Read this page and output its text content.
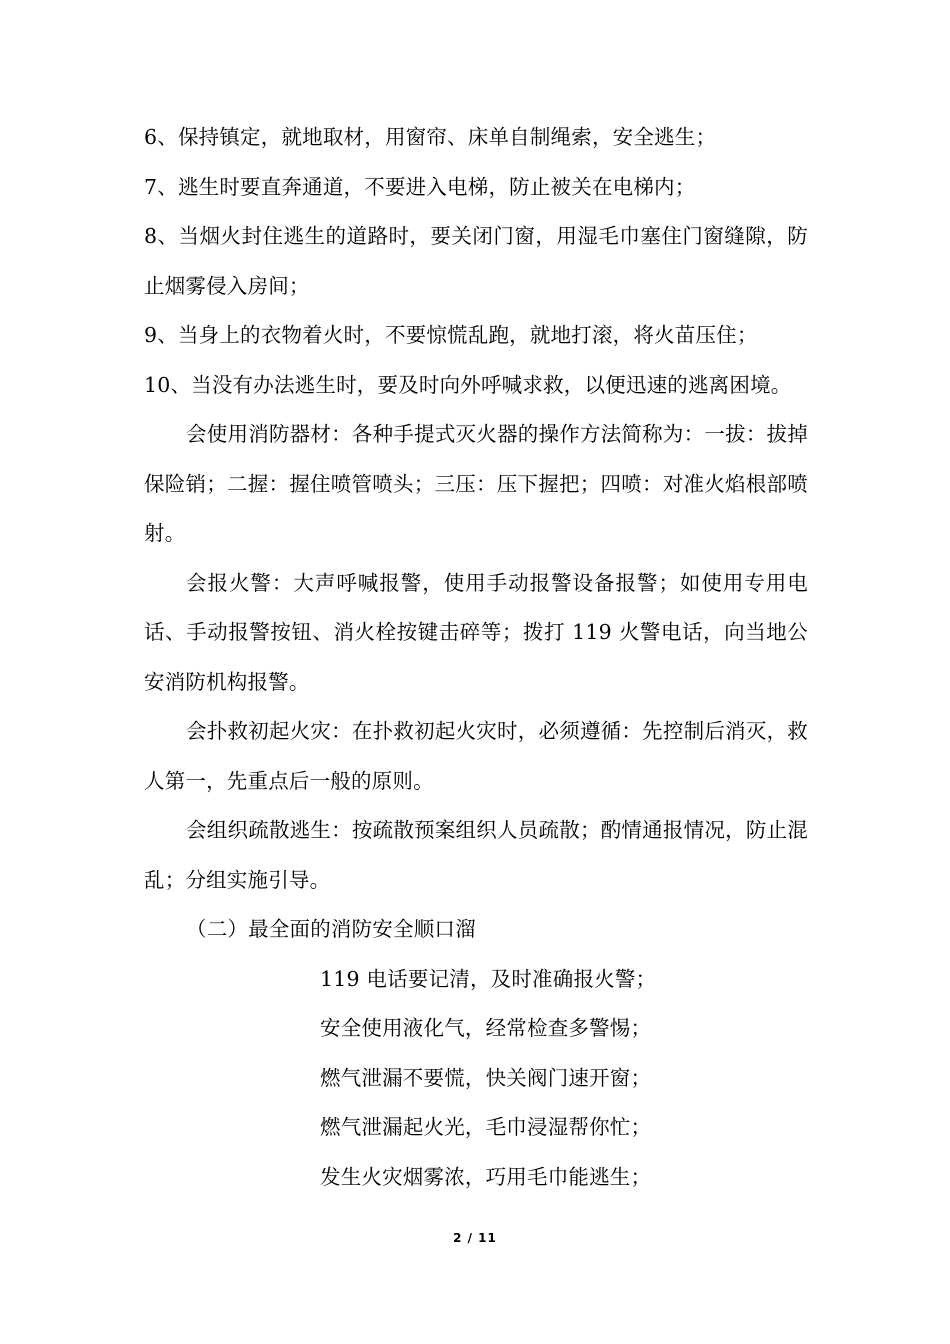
6、保持镇定，就地取材，用窗帘、床单自制绳索，安全逃生；
7、逃生时要直奔通道，不要进入电梯，防止被关在电梯内；
8、当烟火封住逃生的道路时，要关闭门窗，用湿毛巾塞住门窗缝隙，防止烟雾侵入房间；
9、当身上的衣物着火时，不要惊慌乱跑，就地打滚，将火苗压住；
10、当没有办法逃生时，要及时向外呼喊求救，以便迅速的逃离困境。
会使用消防器材：各种手提式灭火器的操作方法简称为：一拔：拔掉保险销；二握：握住喷管喷头；三压：压下握把；四喷：对准火焰根部喷射。
会报火警：大声呼喊报警，使用手动报警设备报警；如使用专用电话、手动报警按钮、消火栓按键击碎等；拨打 119 火警电话，向当地公安消防机构报警。
会扑救初起火灾：在扑救初起火灾时，必须遵循：先控制后消灭，救人第一，先重点后一般的原则。
会组织疏散逃生：按疏散预案组织人员疏散；酌情通报情况，防止混乱；分组实施引导。
（二）最全面的消防安全顺口溜
119 电话要记清，及时准确报火警；
安全使用液化气，经常检查多警惕；
燃气泄漏不要慌，快关阀门速开窗；
燃气泄漏起火光，毛巾浸湿帮你忙；
发生火灾烟雾浓，巧用毛巾能逃生；
2 / 11
